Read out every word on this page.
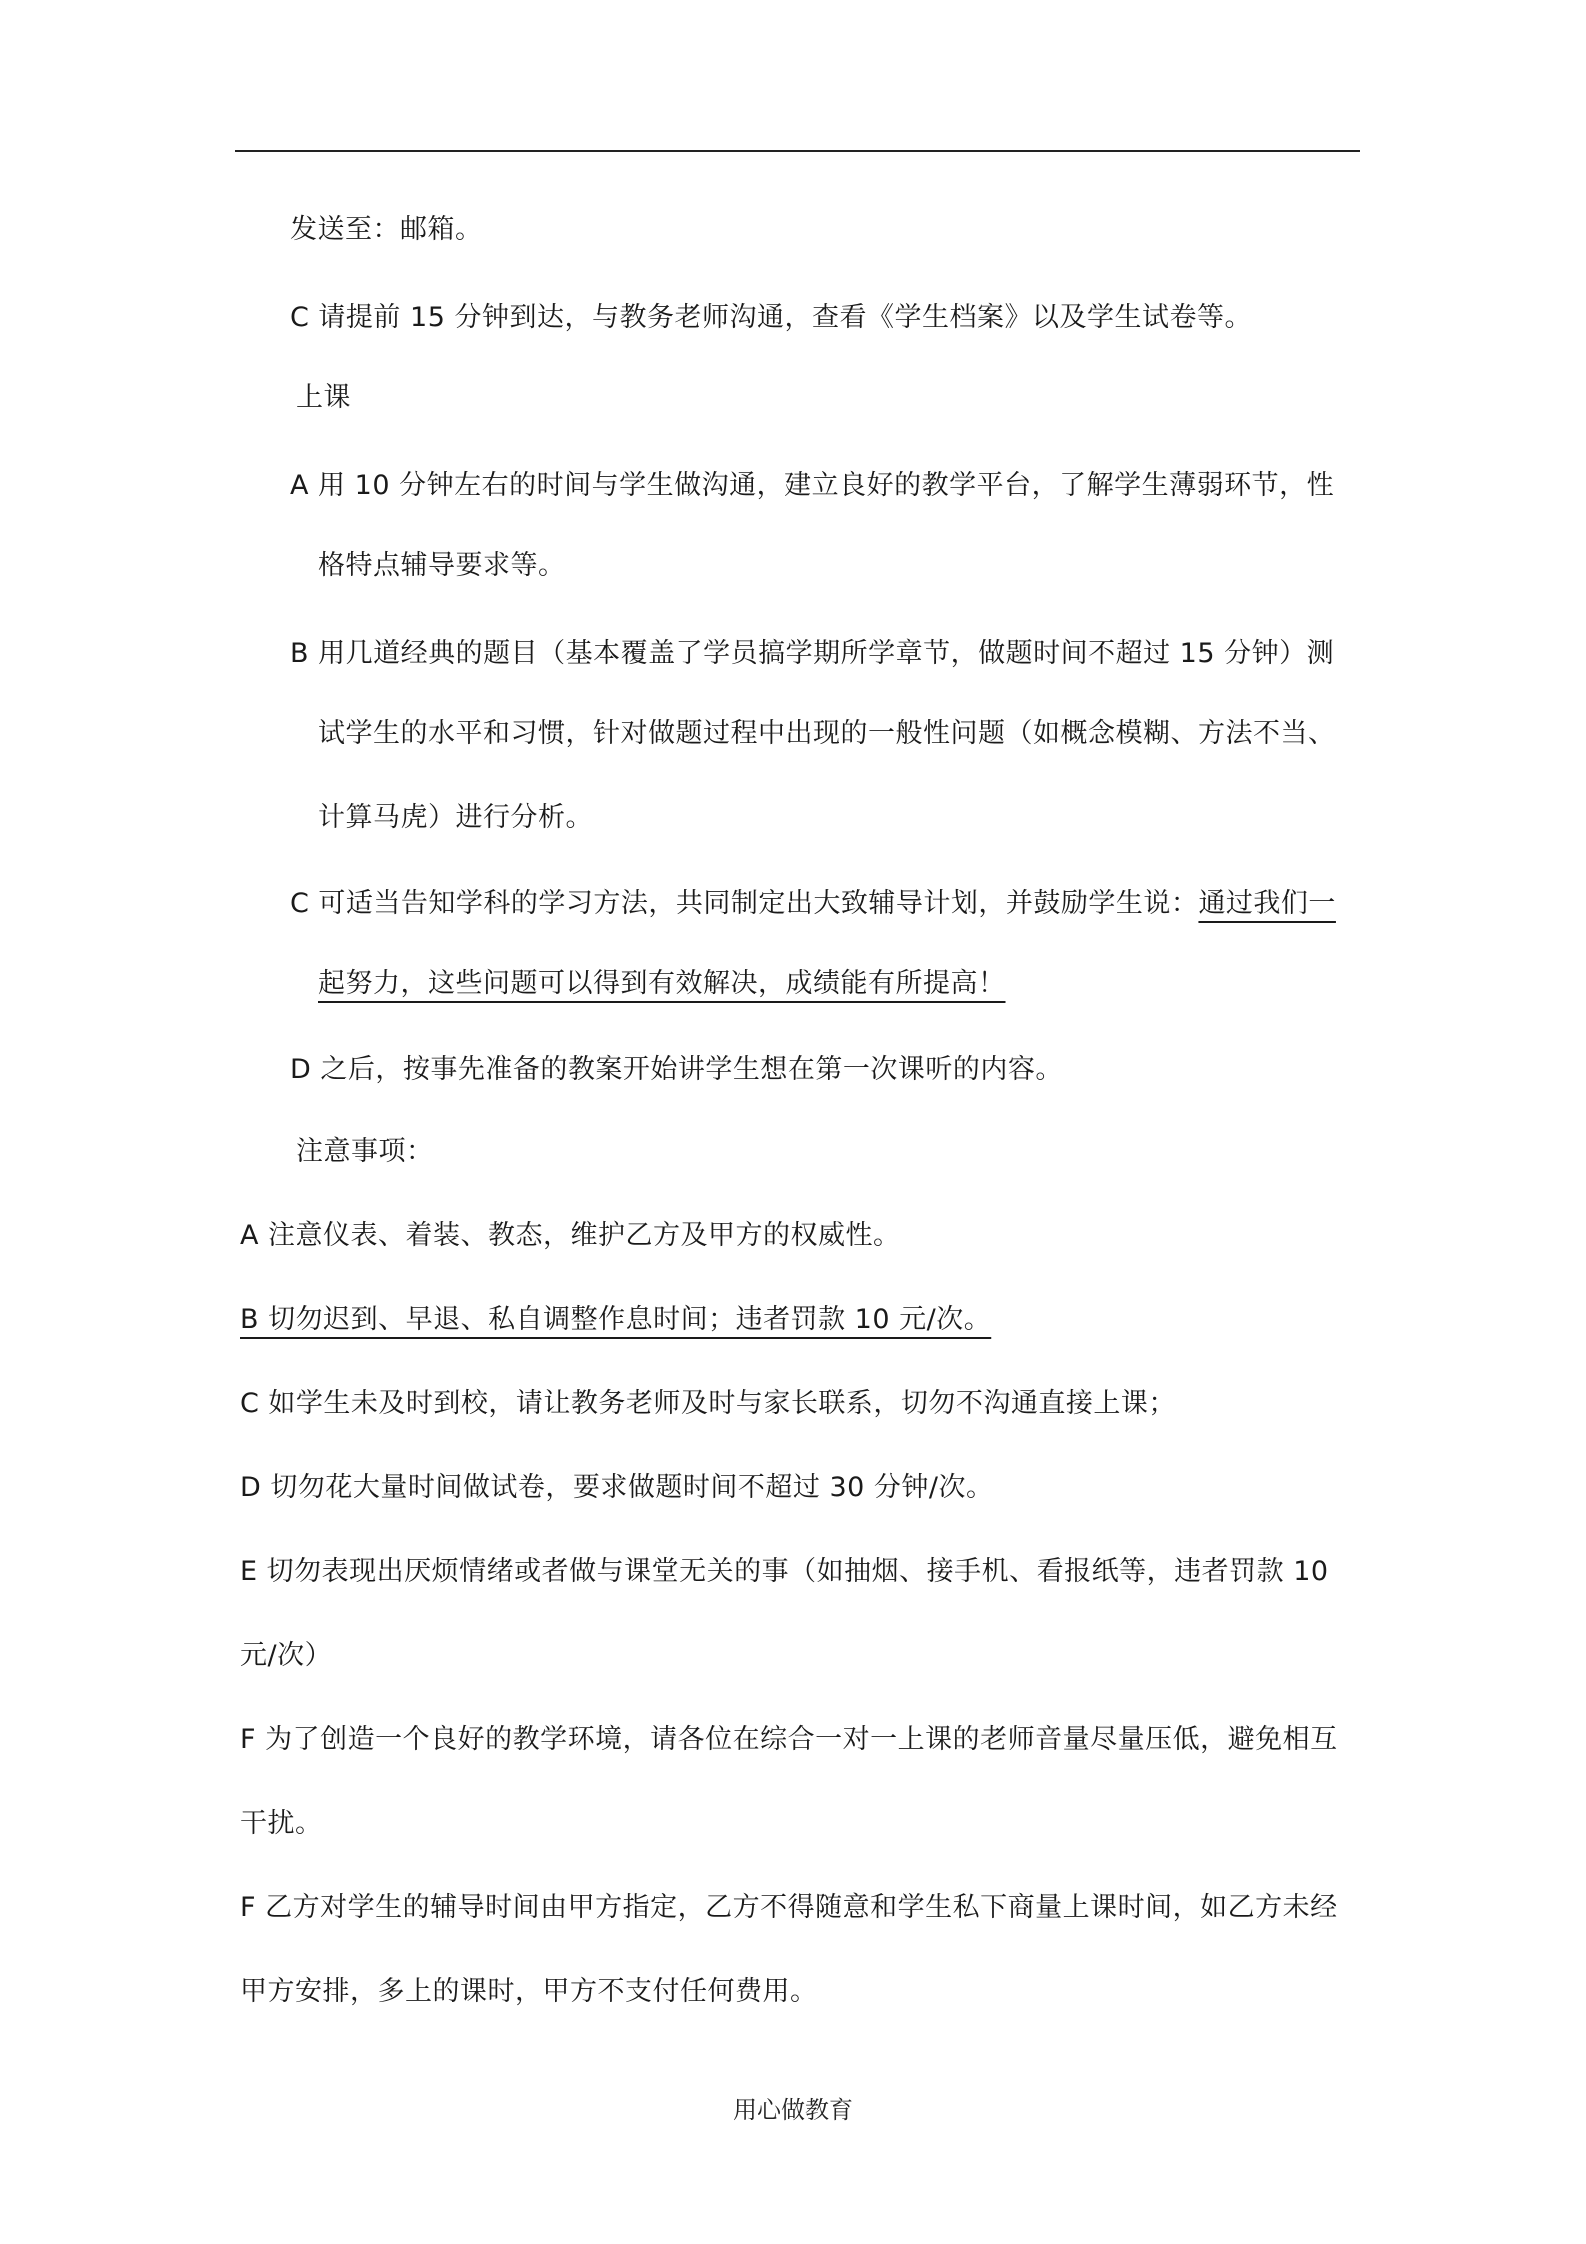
发送至：邮箱。
C 请提前 15 分钟到达，与教务老师沟通，查看《学生档案》以及学生试卷等。
上课
A 用 10 分钟左右的时间与学生做沟通，建立良好的教学平台，了解学生薄弱环节，性
格特点辅导要求等。
B 用几道经典的题目（基本覆盖了学员搞学期所学章节，做题时间不超过 15 分钟）测
试学生的水平和习惯，针对做题过程中出现的一般性问题（如概念模糊、方法不当、
计算马虎）进行分析。
C 可适当告知学科的学习方法，共同制定出大致辅导计划，并鼓励学生说：通过我们一
起努力，这些问题可以得到有效解决，成绩能有所提高！
D 之后，按事先准备的教案开始讲学生想在第一次课听的内容。
注意事项：
A 注意仪表、着装、教态，维护乙方及甲方的权威性。
B 切勿迟到、早退、私自调整作息时间；违者罚款 10 元/次。
C 如学生未及时到校，请让教务老师及时与家长联系，切勿不沟通直接上课；
D 切勿花大量时间做试卷，要求做题时间不超过 30 分钟/次。
E 切勿表现出厌烦情绪或者做与课堂无关的事（如抽烟、接手机、看报纸等，违者罚款 10
元/次）
F 为了创造一个良好的教学环境，请各位在综合一对一上课的老师音量尽量压低，避免相互
干扰。
F 乙方对学生的辅导时间由甲方指定，乙方不得随意和学生私下商量上课时间，如乙方未经
甲方安排，多上的课时，甲方不支付任何费用。
用心做教育
